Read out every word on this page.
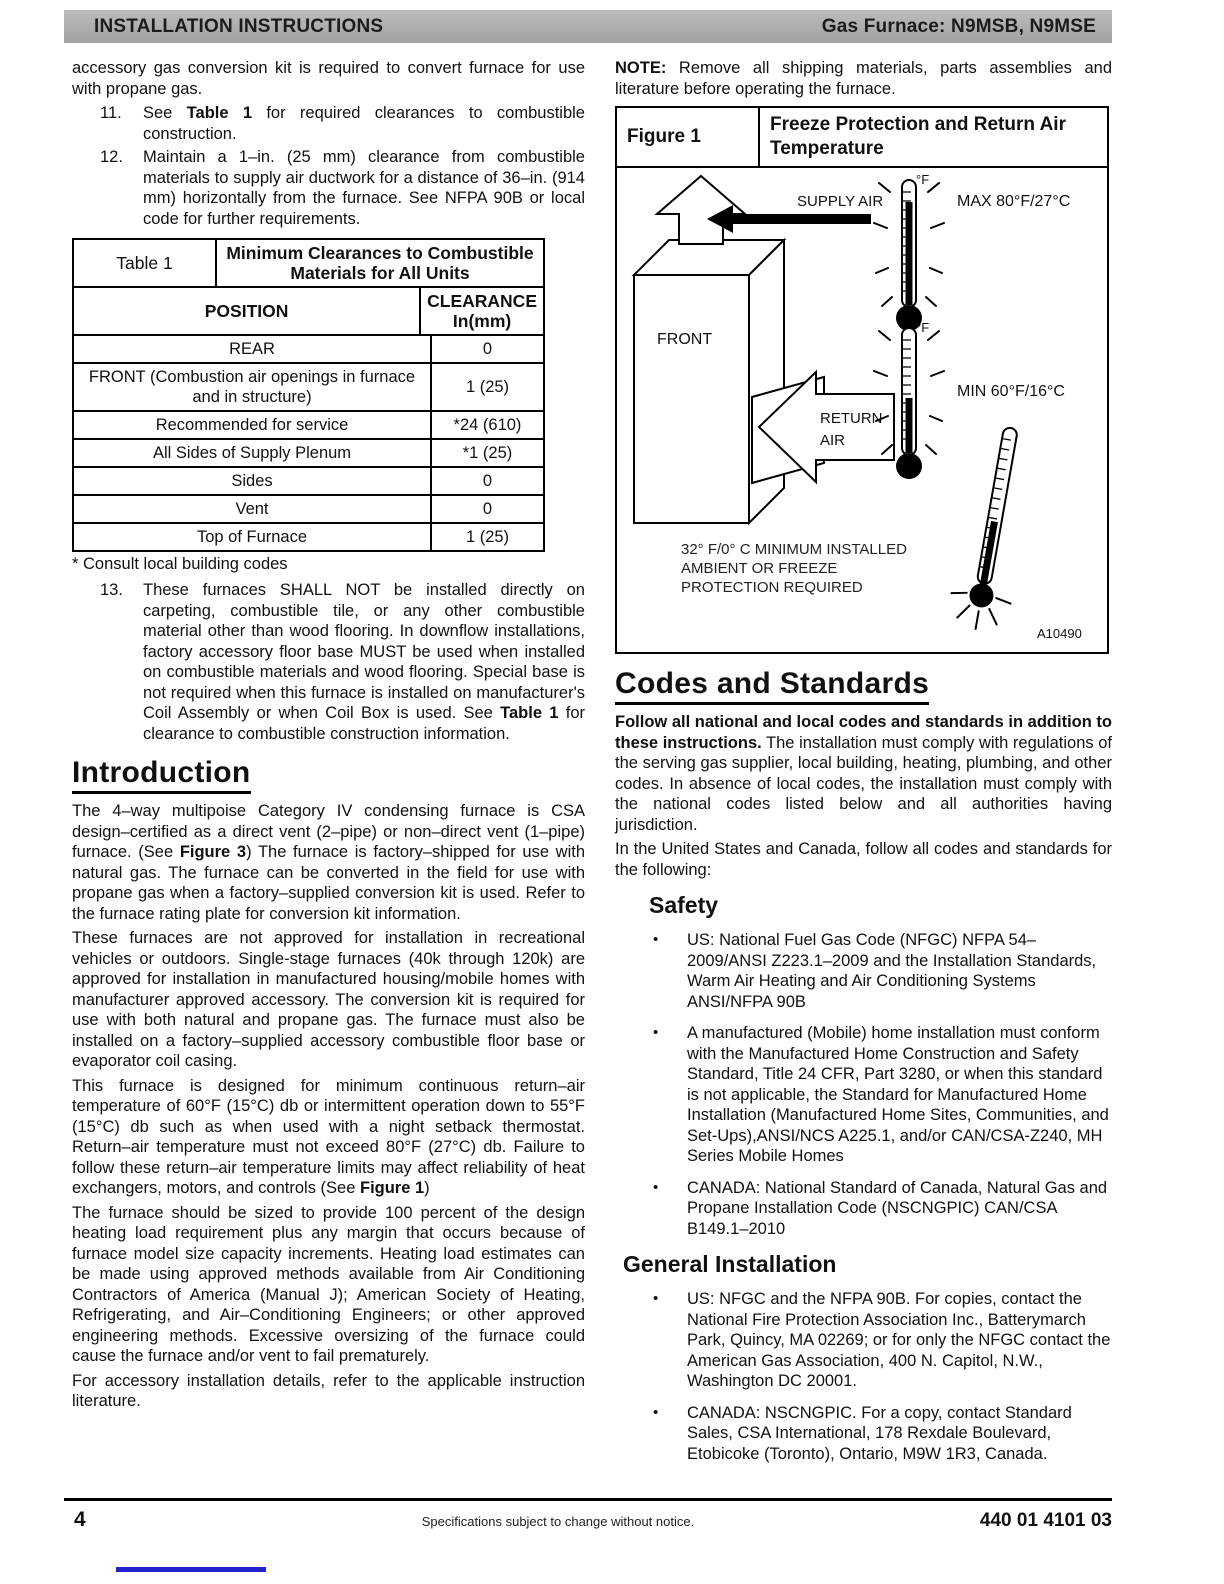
INSTALLATION INSTRUCTIONS	Gas Furnace: N9MSB, N9MSE

accessory gas conversion kit is required to convert furnace for use with propane gas.

11.	See Table 1 for required clearances to combustible construction.
12.	Maintain a 1–in. (25 mm) clearance from combustible materials to supply air ductwork for a distance of 36–in. (914 mm) horizontally from the furnace. See NFPA 90B or local code for further requirements.
Table 1	Minimum Clearances to Combustible Materials for All Units
POSITION	CLEARANCE
In(mm)
REAR	0
FRONT (Combustion air openings in furnace and in structure)
1 (25)
Recommended for service	*24 (610)
All Sides of Supply Plenum	*1 (25)
Sides	0
Vent	0
Top of Furnace	1 (25)

* Consult local building codes

13.	These furnaces SHALL NOT be installed directly on carpeting, combustible tile, or any other combustible material other than wood flooring. In downflow installations, factory accessory floor base MUST be used when installed on combustible materials and wood flooring. Special base is not required when this furnace is installed on manufacturer's Coil Assembly or when Coil Box is used. See Table 1 for clearance to combustible construction information.
Introduction

The 4–way multipoise Category IV condensing furnace is CSA design–certified as a direct vent (2–pipe) or non–direct vent (1–pipe) furnace. (See Figure 3) The furnace is factory–shipped for use with natural gas. The furnace can be converted in the field for use with propane gas when a factory–supplied conversion kit is used. Refer to the furnace rating plate for conversion kit information.

These furnaces are not approved for installation in recreational vehicles or outdoors. Single-stage furnaces (40k through 120k) are approved for installation in manufactured housing/mobile homes with manufacturer approved accessory. The conversion kit is required for use with both natural and propane gas. The furnace must also be installed on a factory–supplied accessory combustible floor base or evaporator coil casing.

This furnace is designed for minimum continuous return–air temperature of 60°F (15°C) db or intermittent operation down to 55°F (15°C) db such as when used with a night setback thermostat. Return–air temperature must not exceed 80°F (27°C) db. Failure to follow these return–air temperature limits may affect reliability of heat exchangers, motors, and controls (See Figure 1)

The furnace should be sized to provide 100 percent of the design heating load requirement plus any margin that occurs because of furnace model size capacity increments. Heating load estimates can be made using approved methods available from Air Conditioning Contractors of America (Manual J); American Society of Heating, Refrigerating, and Air–Conditioning Engineers; or other approved engineering methods. Excessive oversizing of the furnace could cause the furnace and/or vent to fail prematurely.

For accessory installation details, refer to the applicable instruction literature.

NOTE: Remove all shipping materials, parts assemblies and literature before operating the furnace.

Figure 1
Freeze Protection and Return Air Temperature
FRONT
SUPPLY AIR
RETURN
AIR
°F
MAX 80°F/27°C
°F
MIN 60°F/16°C
32° F/0° C MINIMUM INSTALLED
AMBIENT OR FREEZE
PROTECTION REQUIRED
A10490
Codes and Standards

Follow all national and local codes and standards in addition to these instructions. The installation must comply with regulations of the serving gas supplier, local building, heating, plumbing, and other codes. In absence of local codes, the installation must comply with the national codes listed below and all authorities having jurisdiction.

In the United States and Canada, follow all codes and standards for the following:

Safety
• US: National Fuel Gas Code (NFGC) NFPA 54–2009/ANSI Z223.1–2009 and the Installation Standards, Warm Air Heating and Air Conditioning Systems ANSI/NFPA 90B
• A manufactured (Mobile) home installation must conform with the Manufactured Home Construction and Safety Standard, Title 24 CFR, Part 3280, or when this standard is not applicable, the Standard for Manufactured Home Installation (Manufactured Home Sites, Communities, and Set-Ups),ANSI/NCS A225.1, and/or CAN/CSA-Z240, MH Series Mobile Homes
• CANADA: National Standard of Canada, Natural Gas and Propane Installation Code (NSCNGPIC) CAN/CSA B149.1–2010
General Installation
• US: NFGC and the NFPA 90B. For copies, contact the National Fire Protection Association Inc., Batterymarch Park, Quincy, MA 02269; or for only the NFGC contact the American Gas Association, 400 N. Capitol, N.W., Washington DC 20001.
• CANADA: NSCNGPIC. For a copy, contact Standard Sales, CSA International, 178 Rexdale Boulevard, Etobicoke (Toronto), Ontario, M9W 1R3, Canada.
4	Specifications subject to change without notice.	440 01 4101 03
